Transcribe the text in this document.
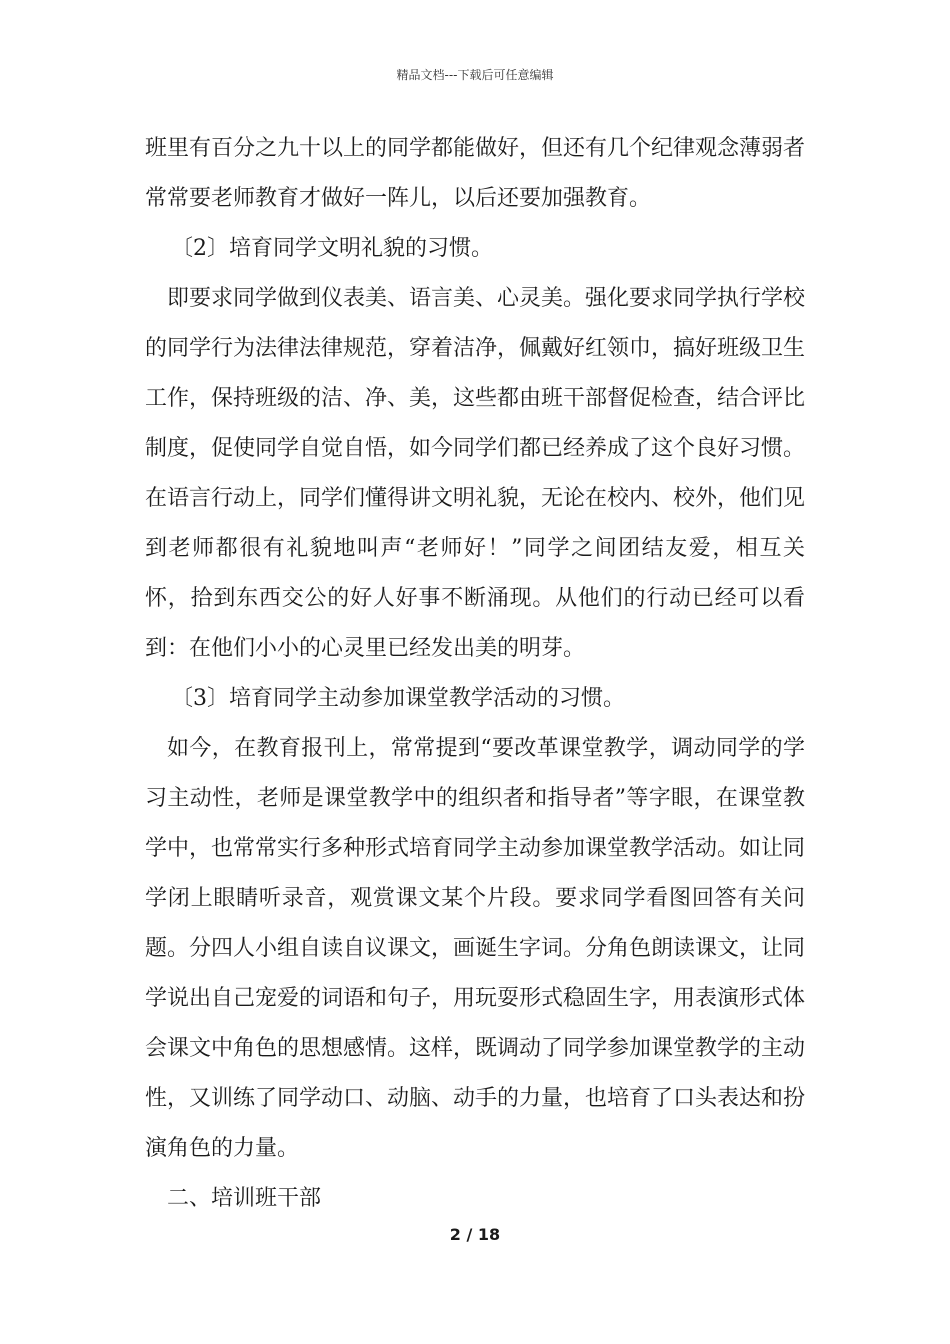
精品文档---下载后可任意编辑

班里有百分之九十以上的同学都能做好，但还有几个纪律观念薄弱者常常要老师教育才做好一阵儿，以后还要加强教育。

〔2〕培育同学文明礼貌的习惯。

即要求同学做到仪表美、语言美、心灵美。强化要求同学执行学校的同学行为法律法律规范，穿着洁净，佩戴好红领巾，搞好班级卫生工作，保持班级的洁、净、美，这些都由班干部督促检查，结合评比制度，促使同学自觉自悟，如今同学们都已经养成了这个良好习惯。在语言行动上，同学们懂得讲文明礼貌，无论在校内、校外，他们见到老师都很有礼貌地叫声“老师好！”同学之间团结友爱，相互关怀，拾到东西交公的好人好事不断涌现。从他们的行动已经可以看到：在他们小小的心灵里已经发出美的明芽。

〔3〕培育同学主动参加课堂教学活动的习惯。

如今，在教育报刊上，常常提到“要改革课堂教学，调动同学的学习主动性，老师是课堂教学中的组织者和指导者”等字眼，在课堂教学中，也常常实行多种形式培育同学主动参加课堂教学活动。如让同学闭上眼睛听录音，观赏课文某个片段。要求同学看图回答有关问题。分四人小组自读自议课文，画诞生字词。分角色朗读课文，让同学说出自己宠爱的词语和句子，用玩耍形式稳固生字，用表演形式体会课文中角色的思想感情。这样，既调动了同学参加课堂教学的主动性，又训练了同学动口、动脑、动手的力量，也培育了口头表达和扮演角色的力量。

二、培训班干部

2 / 18
